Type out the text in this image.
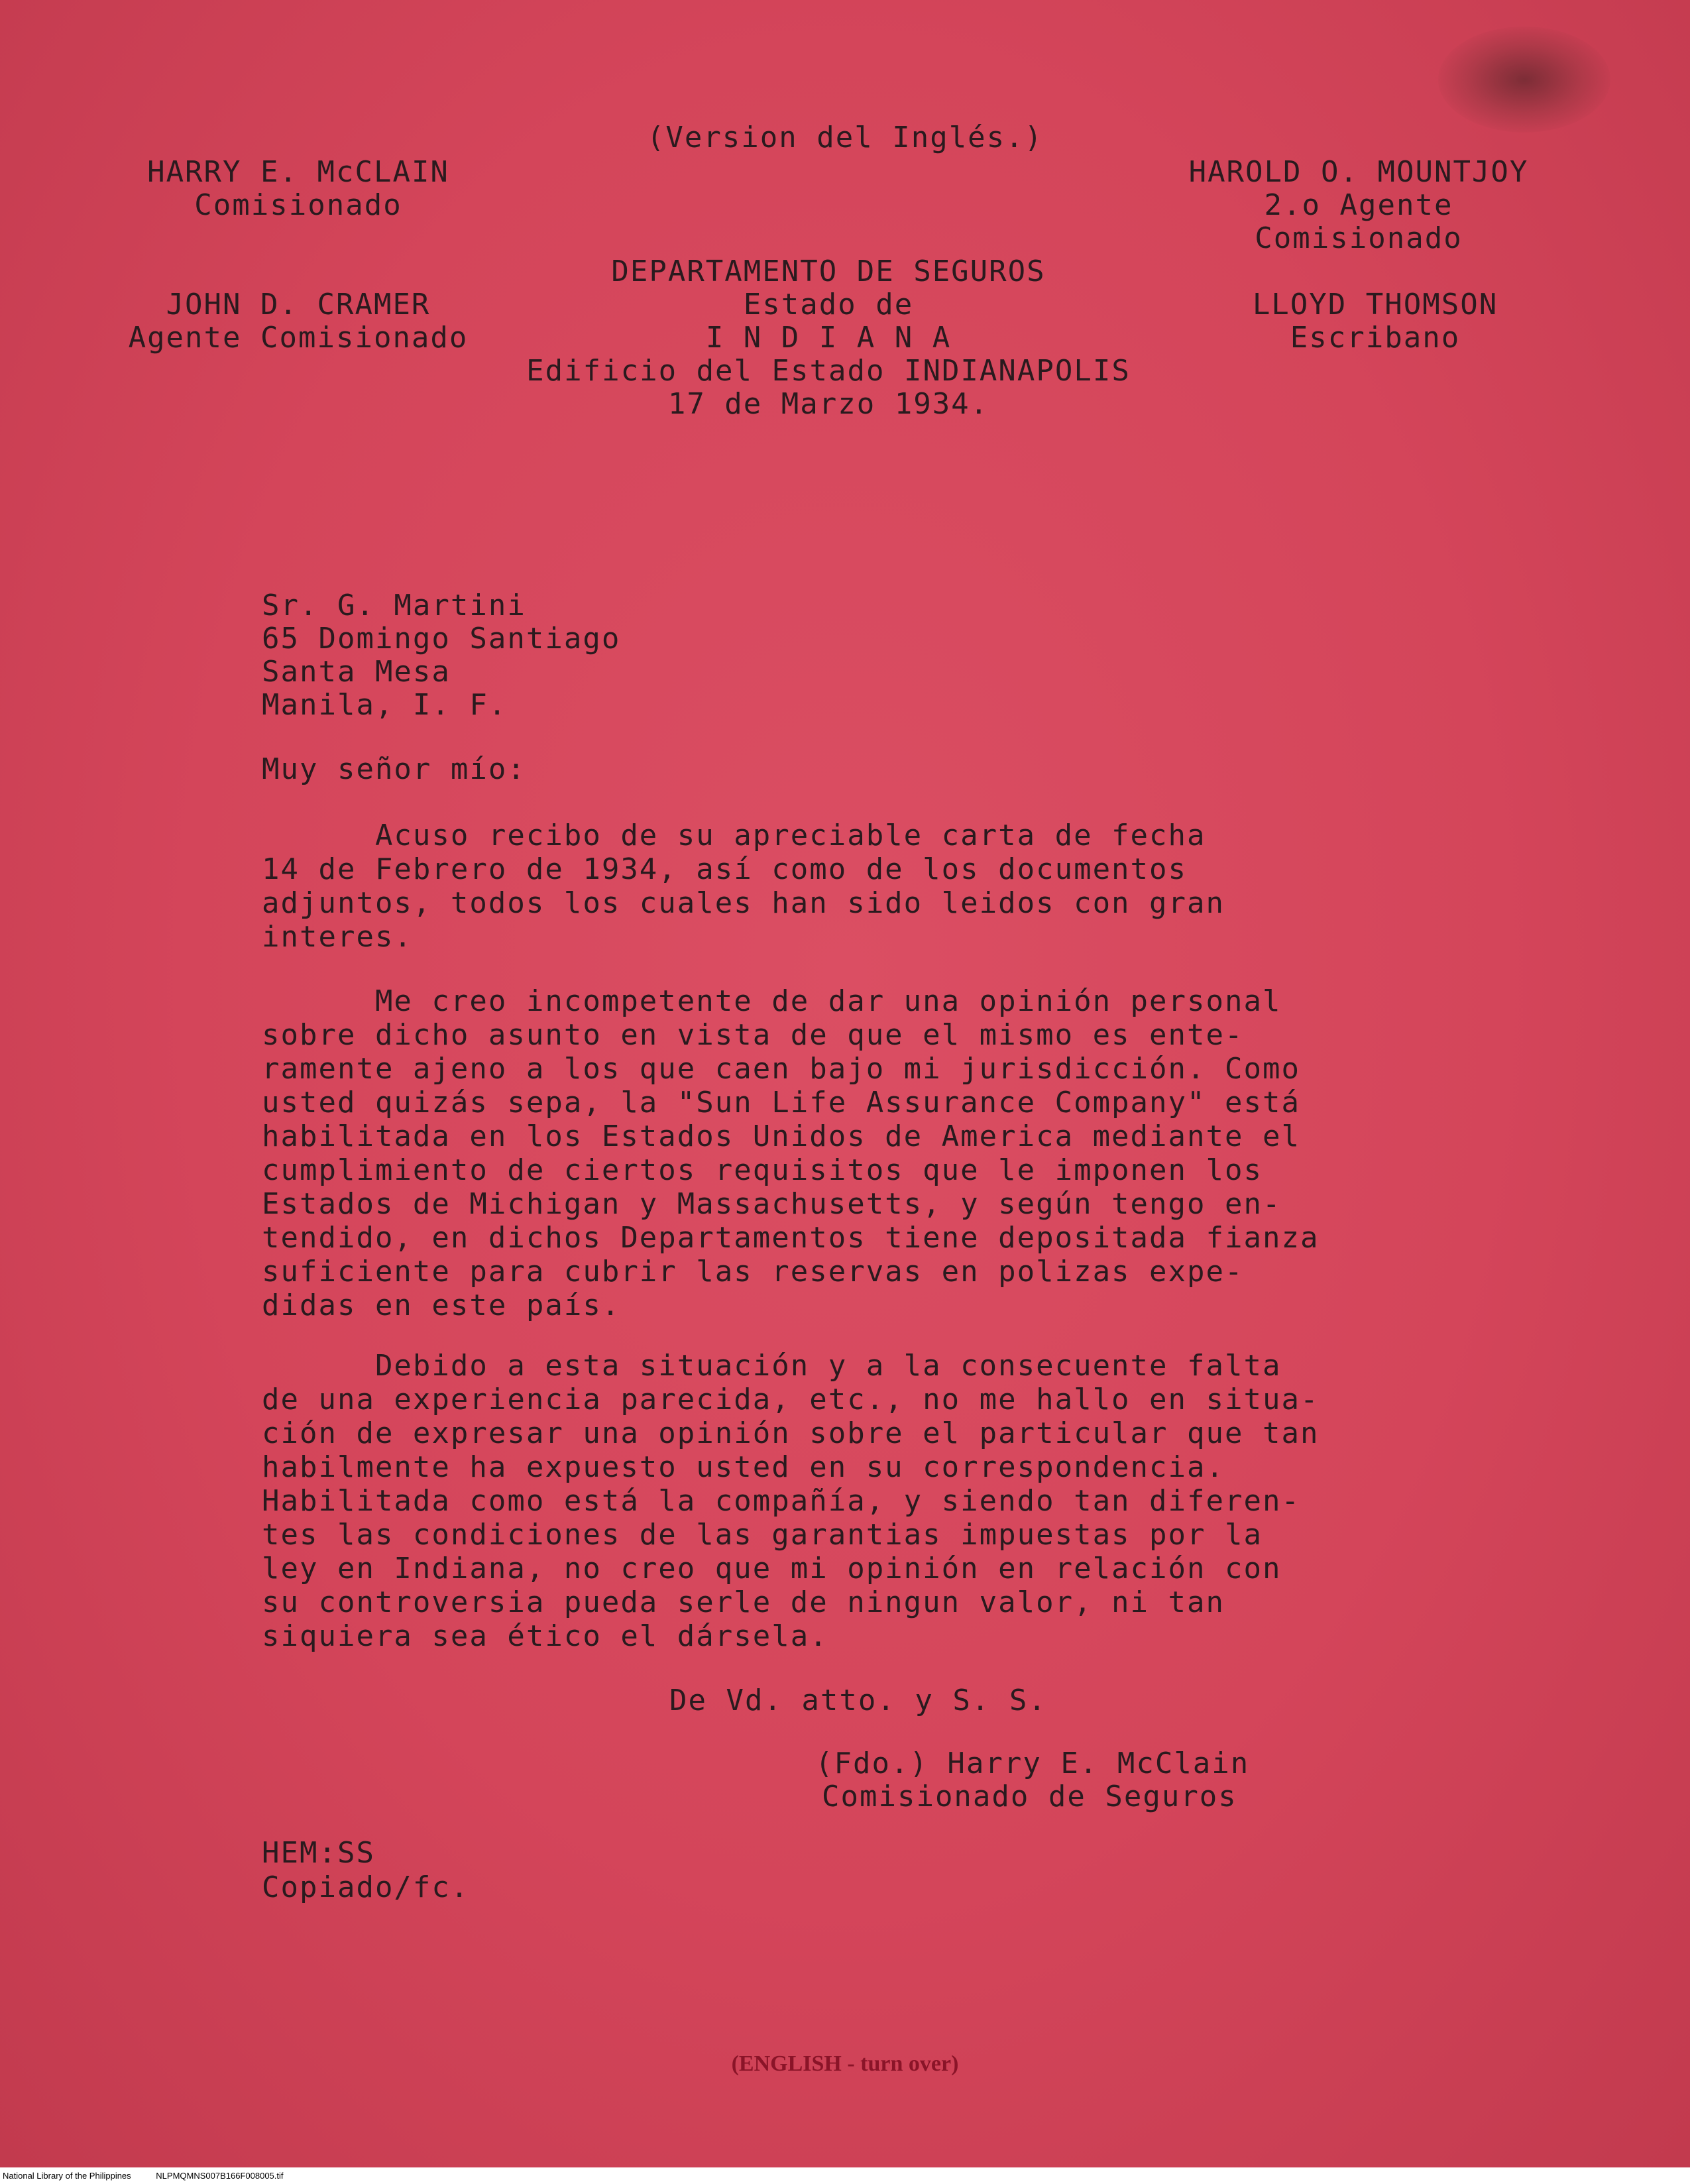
(Version del Inglés.)
HARRY E. McCLAIN
Comisionado
HAROLD O. MOUNTJOY
2.o Agente
Comisionado
DEPARTAMENTO DE SEGUROS
Estado de
I N D I A N A
Edificio del Estado INDIANAPOLIS
17 de Marzo 1934.
JOHN D. CRAMER
Agente Comisionado
LLOYD THOMSON
Escribano
Sr. G. Martini
65 Domingo Santiago
Santa Mesa
Manila, I. F.
Muy señor mío:

Acuso recibo de su apreciable carta de fecha

14 de Febrero de 1934, así como de los documentos

adjuntos, todos los cuales han sido leidos con gran

interes.

Me creo incompetente de dar una opinión personal

sobre dicho asunto en vista de que el mismo es ente-

ramente ajeno a los que caen bajo mi jurisdicción. Como

usted quizás sepa, la "Sun Life Assurance Company" está

habilitada en los Estados Unidos de America mediante el

cumplimiento de ciertos requisitos que le imponen los

Estados de Michigan y Massachusetts, y según tengo en-

tendido, en dichos Departamentos tiene depositada fianza

suficiente para cubrir las reservas en polizas expe-

didas en este país.

Debido a esta situación y a la consecuente falta

de una experiencia parecida, etc., no me hallo en situa-

ción de expresar una opinión sobre el particular que tan

habilmente ha expuesto usted en su correspondencia.

Habilitada como está la compañía, y siendo tan diferen-

tes las condiciones de las garantias impuestas por la

ley en Indiana, no creo que mi opinión en relación con

su controversia pueda serle de ningun valor, ni tan

siquiera sea ético el dársela.

De Vd. atto. y S. S.
(Fdo.) Harry E. McClain
Comisionado de Seguros
HEM:SS
Copiado/fc.
(ENGLISH - turn over)
National Library of the Philippines	NLPMQMNS007B166F008005.tif
